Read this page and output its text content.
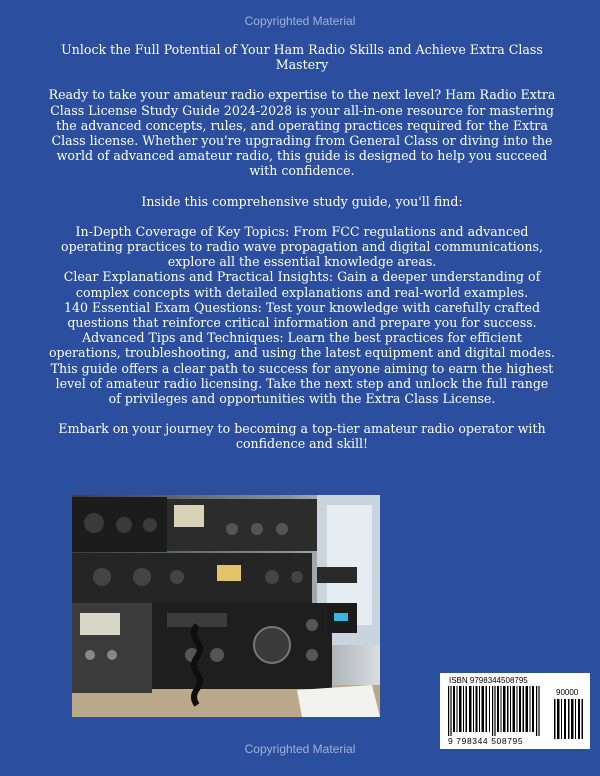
Copyrighted Material

Unlock the Full Potential of Your Ham Radio Skills and Achieve Extra Class Mastery

Ready to take your amateur radio expertise to the next level? Ham Radio Extra Class License Study Guide 2024-2028 is your all-in-one resource for mastering the advanced concepts, rules, and operating practices required for the Extra Class license. Whether you're upgrading from General Class or diving into the world of advanced amateur radio, this guide is designed to help you succeed with confidence.

Inside this comprehensive study guide, you'll find:

In-Depth Coverage of Key Topics: From FCC regulations and advanced operating practices to radio wave propagation and digital communications, explore all the essential knowledge areas.

Clear Explanations and Practical Insights: Gain a deeper understanding of complex concepts with detailed explanations and real-world examples.

140 Essential Exam Questions: Test your knowledge with carefully crafted questions that reinforce critical information and prepare you for success.

Advanced Tips and Techniques: Learn the best practices for efficient operations, troubleshooting, and using the latest equipment and digital modes.

This guide offers a clear path to success for anyone aiming to earn the highest level of amateur radio licensing. Take the next step and unlock the full range of privileges and opportunities with the Extra Class License.

Embark on your journey to becoming a top-tier amateur radio operator with confidence and skill!

ISBN 9798344508795
90000
9 798344 508795
Copyrighted Material
